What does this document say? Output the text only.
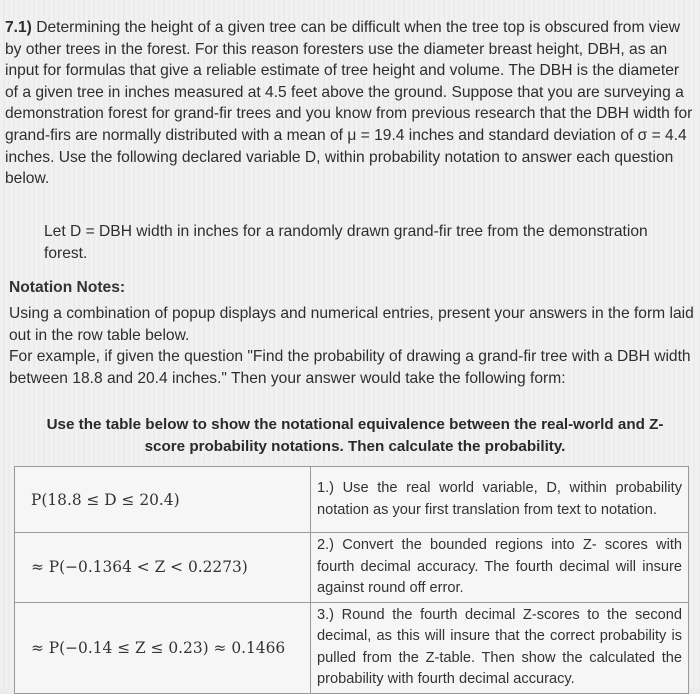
7.1) Determining the height of a given tree can be difficult when the tree top is obscured from view by other trees in the forest. For this reason foresters use the diameter breast height, DBH, as an input for formulas that give a reliable estimate of tree height and volume. The DBH is the diameter of a given tree in inches measured at 4.5 feet above the ground. Suppose that you are surveying a demonstration forest for grand-fir trees and you know from previous research that the DBH width for grand-firs are normally distributed with a mean of μ = 19.4 inches and standard deviation of σ = 4.4 inches. Use the following declared variable D, within probability notation to answer each question below.
Let D = DBH width in inches for a randomly drawn grand-fir tree from the demonstration forest.
Notation Notes:
Using a combination of popup displays and numerical entries, present your answers in the form laid out in the row table below.
For example, if given the question "Find the probability of drawing a grand-fir tree with a DBH width between 18.8 and 20.4 inches." Then your answer would take the following form:
Use the table below to show the notational equivalence between the real-world and Z-score probability notations. Then calculate the probability.
P(18.8 ≤ D ≤ 20.4)	1.) Use the real world variable, D, within probability notation as your first translation from text to notation.
≈ P(−0.1364 < Z < 0.2273)	2.) Convert the bounded regions into Z- scores with fourth decimal accuracy. The fourth decimal will insure against round off error.
≈ P(−0.14 ≤ Z ≤ 0.23) ≈ 0.1466	3.) Round the fourth decimal Z-scores to the second decimal, as this will insure that the correct probability is pulled from the Z-table. Then show the calculated the probability with fourth decimal accuracy.
